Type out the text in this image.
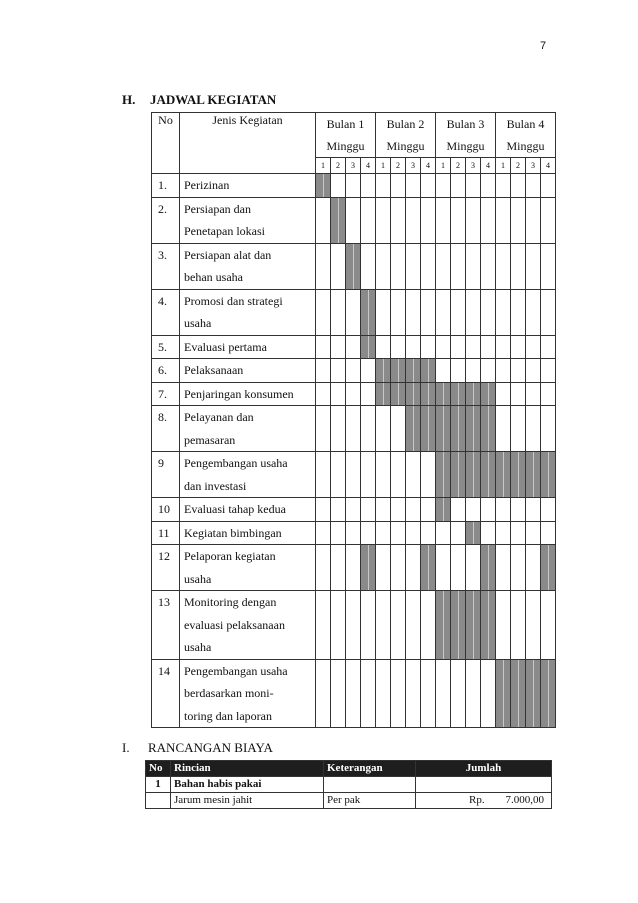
7
H. JADWAL KEGIATAN
No	Jenis Kegiatan	Bulan 1				Bulan 2				Bulan 3				Bulan 4			
		Minggu				Minggu				Minggu				Minggu			
		1	2	3	4	1	2	3	4	1	2	3	4	1	2	3	4

1.	Perizinan																

2.	Persiapan dan
Penetapan lokasi																

3.	Persiapan alat dan
behan usaha																

4.	Promosi dan strategi
usaha																

5.	Evaluasi pertama																

6.	Pelaksanaan																

7.	Penjaringan konsumen																

8.	Pelayanan dan
pemasaran																

9	Pengembangan usaha
dan investasi																

10	Evaluasi tahap kedua																

11	Kegiatan bimbingan																

12	Pelaporan kegiatan
usaha																

13	Monitoring dengan
evaluasi pelaksanaan
usaha																

14	Pengembangan usaha
berdasarkan moni-
toring dan laporan																

I. RANCANGAN BIAYA
No	Rincian	Keterangan	Jumlah
1	Bahan habis pakai		

	Jarum mesin jahit	Per pak	Rp. 7.000,00
